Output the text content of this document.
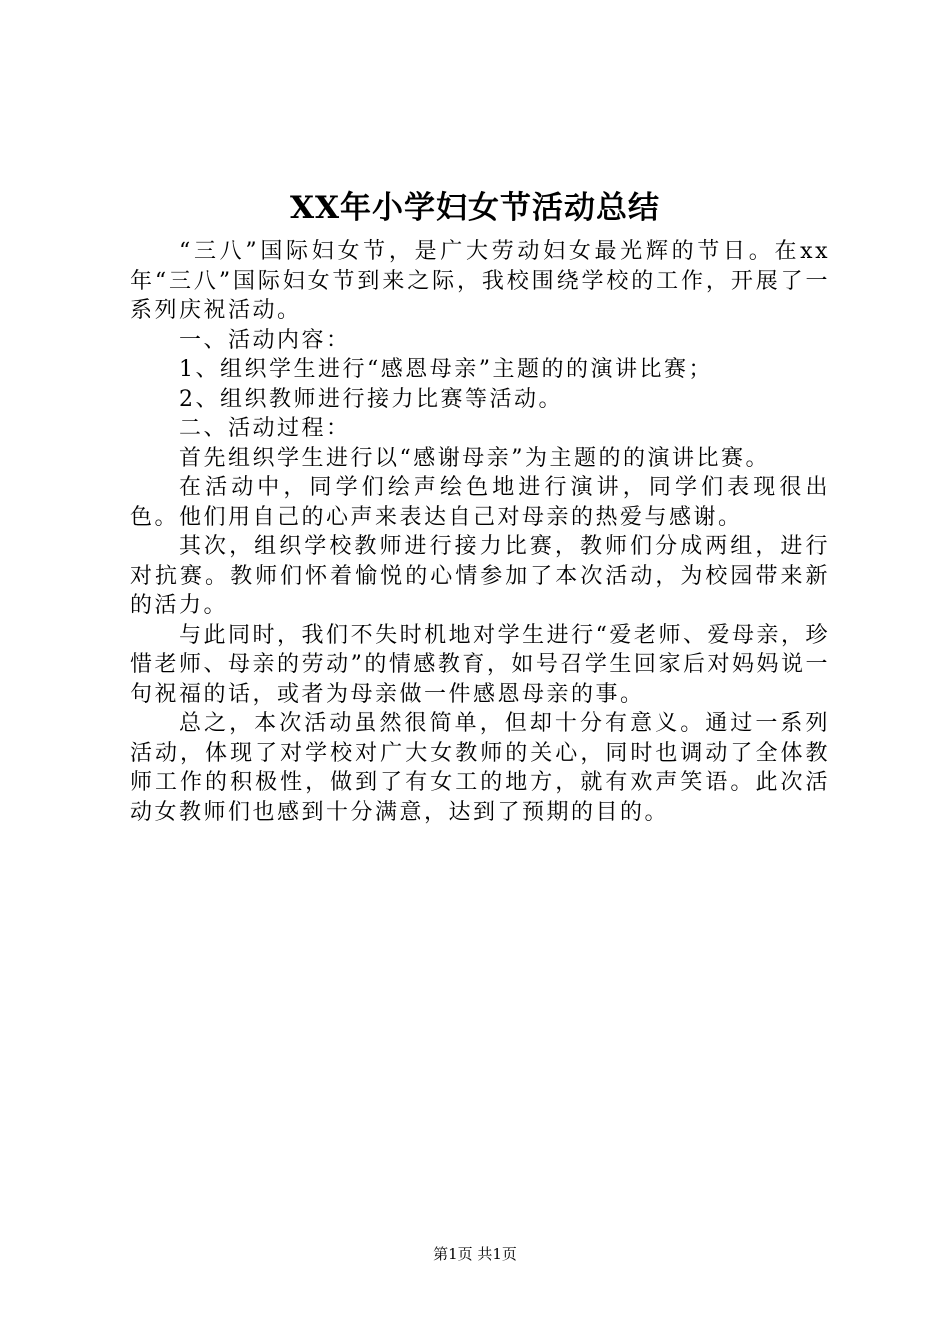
XX年小学妇女节活动总结

“三八”国际妇女节，是广大劳动妇女最光辉的节日。在xx年“三八”国际妇女节到来之际，我校围绕学校的工作，开展了一系列庆祝活动。

一、活动内容：

1、组织学生进行“感恩母亲”主题的的演讲比赛；

2、组织教师进行接力比赛等活动。

二、活动过程：

首先组织学生进行以“感谢母亲”为主题的的演讲比赛。

在活动中，同学们绘声绘色地进行演讲，同学们表现很出色。他们用自己的心声来表达自己对母亲的热爱与感谢。

其次，组织学校教师进行接力比赛，教师们分成两组，进行对抗赛。教师们怀着愉悦的心情参加了本次活动，为校园带来新的活力。

与此同时，我们不失时机地对学生进行“爱老师、爱母亲，珍惜老师、母亲的劳动”的情感教育，如号召学生回家后对妈妈说一句祝福的话，或者为母亲做一件感恩母亲的事。

总之，本次活动虽然很简单，但却十分有意义。通过一系列活动，体现了对学校对广大女教师的关心，同时也调动了全体教师工作的积极性，做到了有女工的地方，就有欢声笑语。此次活动女教师们也感到十分满意，达到了预期的目的。

第1页 共1页
